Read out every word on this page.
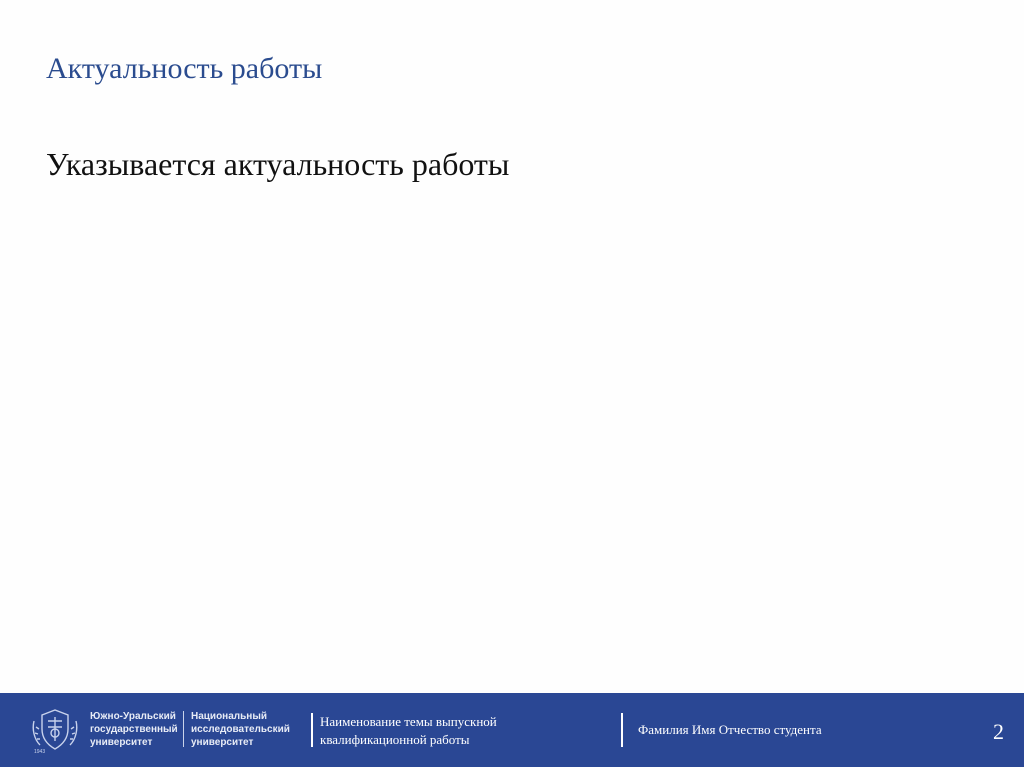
Актуальность работы
Указывается актуальность работы
1943
Южно-Уральский
государственный
университет
Национальный
исследовательский
университет
Наименование темы выпускной
квалификационной работы
Фамилия Имя Отчество студента	2
